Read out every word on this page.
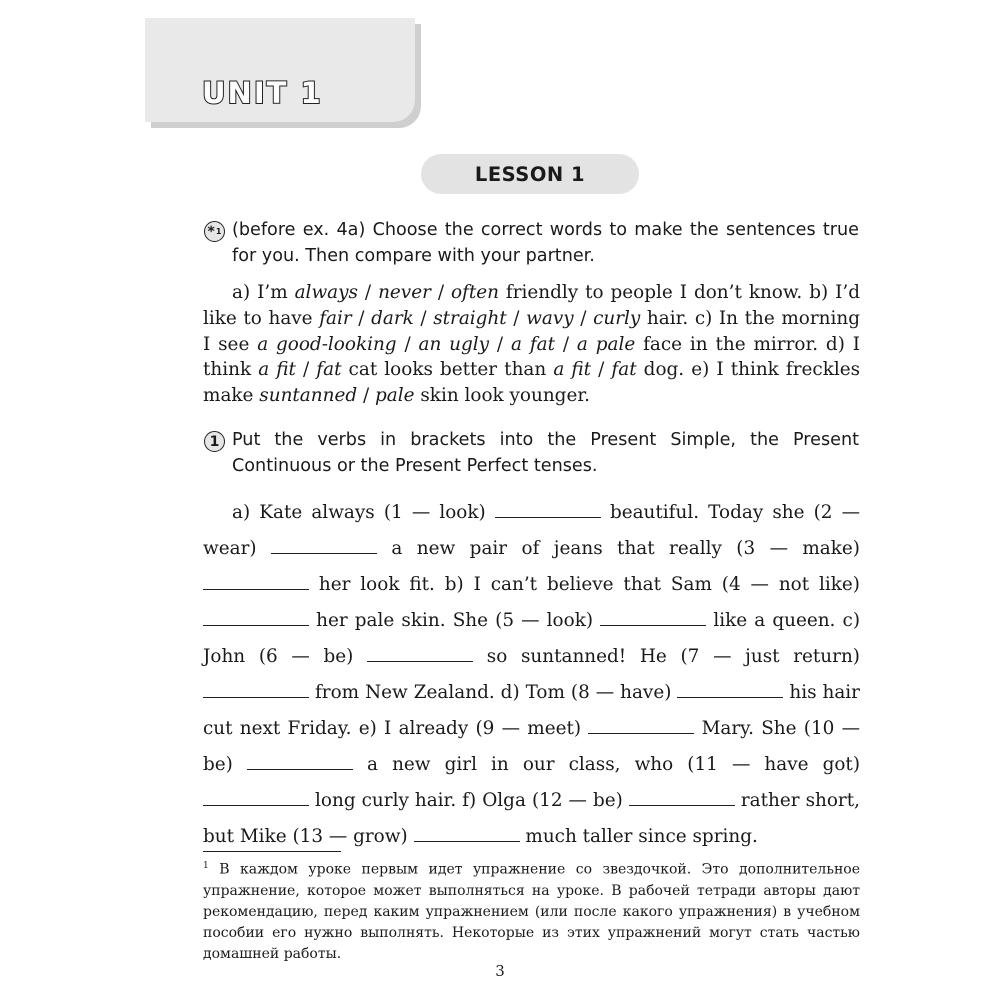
UNIT 1
LESSON 1
* 1 (before ex. 4a) Choose the correct words to make the sentences true for you. Then compare with your partner.
a) I’m always / never / often friendly to people I don’t know. b) I’d like to have fair / dark / straight / wavy / curly hair. c) In the morning I see a good-looking / an ugly / a fat / a pale face in the mirror. d) I think a fit / fat cat looks better than a fit / fat dog. e) I think freckles make suntanned / pale skin look younger.
1 Put the verbs in brackets into the Present Simple, the Present Continuous or the Present Perfect tenses.

a) Kate always (1 — look)	beautiful. Today she (2 — wear)	a new pair of jeans that really (3 — make)  her look fit. b) I can’t believe that Sam (4 — not like)  her pale skin. She (5 — look)	like a queen. c) John (6 — be)	so suntanned! He (7 — just return)  from New Zealand. d) Tom (8 — have)	his hair cut next Friday. e) I already (9 — meet)	Mary. She (10 — be)	a new girl in our class, who (11 — have got)  long curly hair. f) Olga (12 — be)	rather short, but Mike (13 — grow)	much taller since spring.

$^1$ В каждом уроке первым идет упражнение со звездочкой. Это дополнительное упражнение, которое может выполняться на уроке. В рабочей тетради авторы дают рекомендацию, перед каким упражнением (или после какого упражнения) в учебном пособии его нужно выполнять. Некоторые из этих упражнений могут стать частью домашней работы.
3
